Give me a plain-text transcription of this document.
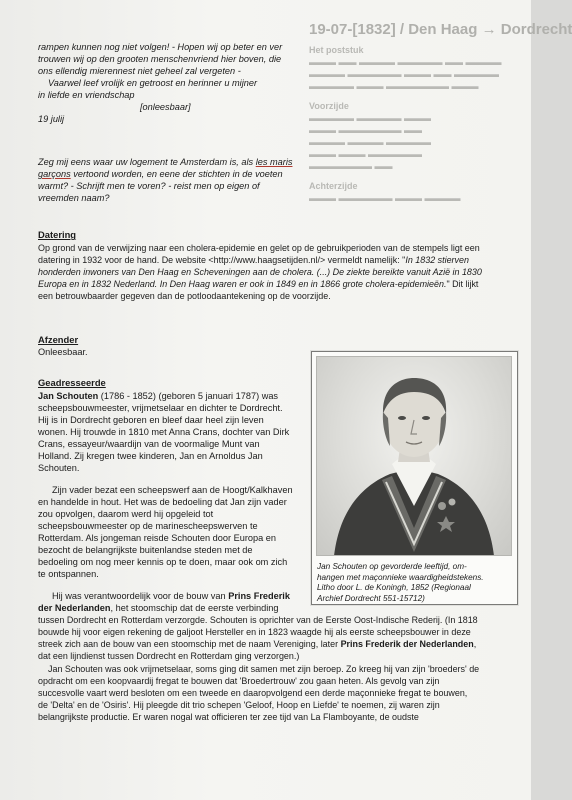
19-07-[1832] / Den Haag → Dordrecht
Het poststuk
▬▬▬ ▬▬ ▬▬▬▬ ▬▬▬▬▬ ▬▬ ▬▬▬▬
▬▬▬▬ ▬▬▬▬▬▬ ▬▬▬ ▬▬ ▬▬▬▬▬
▬▬▬▬▬ ▬▬▬ ▬▬▬▬▬▬▬ ▬▬▬
Voorzijde
▬▬▬▬▬ ▬▬▬▬▬ ▬▬▬
▬▬▬ ▬▬▬▬▬▬▬ ▬▬
▬▬▬▬ ▬▬▬▬ ▬▬▬▬▬
▬▬▬ ▬▬▬ ▬▬▬▬▬▬
▬▬▬▬▬▬▬ ▬▬
Achterzijde
▬▬▬ ▬▬▬▬▬▬ ▬▬▬ ▬▬▬▬
rampen kunnen nog niet volgen! - Hopen wij op beter en ver
trouwen wij op den grooten menschenvriend hier boven, die
ons ellendig mierennest niet geheel zal vergeten -
Vaarwel leef vrolijk en getroost en herinner u mijner
in liefde en vriendschap
[onleesbaar]
19 julij
Zeg mij eens waar uw logement te Amsterdam is, als les maris
garçons vertoond worden, en eene der stichten in de voeten
warmt? - Schrijft men te voren? - reist men op eigen of
vreemden naam?
Datering
Op grond van de verwijzing naar een cholera-epidemie en gelet op de gebruikperioden van de stempels ligt een
datering in 1932 voor de hand. De website <http://www.haagsetijden.nl/> vermeldt namelijk: "In 1832 stierven
honderden inwoners van Den Haag en Scheveningen aan de cholera. (...) De ziekte bereikte vanuit Azië in 1830
Europa en in 1832 Nederland. In Den Haag waren er ook in 1849 en in 1866 grote cholera-epidemieën." Dit lijkt
een betrouwbaarder gegeven dan de potloodaantekening op de voorzijde.
Afzender
Onleesbaar.
Geadresseerde
Jan Schouten (1786 - 1852) (geboren 5 januari 1787) was
scheepsbouwmeester, vrijmetselaar en dichter te Dordrecht.
Hij is in Dordrecht geboren en bleef daar heel zijn leven
wonen. Hij trouwde in 1810 met Anna Crans, dochter van Dirk
Crans, essayeur/waardijn van de voormalige Munt van
Holland. Zij kregen twee kinderen, Jan en Arnoldus Jan
Schouten.
Zijn vader bezat een scheepswerf aan de Hoogt/Kalkhaven
en handelde in hout. Het was de bedoeling dat Jan zijn vader
zou opvolgen, daarom werd hij opgeleid tot
scheepsbouwmeester op de marinescheepswerven te
Rotterdam. Als jongeman reisde Schouten door Europa en
bezocht de belangrijkste buitenlandse steden met de
bedoeling om nog meer kennis op te doen, maar ook om zich
te ontspannen.
Hij was verantwoordelijk voor de bouw van Prins Frederik
der Nederlanden, het stoomschip dat de eerste verbinding
tussen Dordrecht en Rotterdam verzorgde. Schouten is oprichter van de Eerste Oost-Indische Rederij. (In 1818
bouwde hij voor eigen rekening de galjoot Hersteller en in 1823 waagde hij als eerste scheepsbouwer in deze
streek zich aan de bouw van een stoomschip met de naam Vereniging, later Prins Frederik der Nederlanden,
dat een lijndienst tussen Dordrecht en Rotterdam ging verzorgen.)
Jan Schouten was ook vrijmetselaar, soms ging dit samen met zijn beroep. Zo kreeg hij van zijn 'broeders' de
opdracht om een koopvaardij fregat te bouwen dat 'Broedertrouw' zou gaan heten. Als gevolg van zijn
succesvolle vaart werd besloten om een tweede en daaropvolgend een derde maçonnieke fregat te bouwen,
de 'Delta' en de 'Osiris'. Hij pleegde dit trio schepen 'Geloof, Hoop en Liefde' te noemen, zij waren zijn
belangrijkste productie. Er waren nogal wat officieren ter zee tijd van La Flamboyante, de oudste
Jan Schouten op gevorderde leeftijd, om-
hangen met maçonnieke waardigheidstekens.
Litho door L. de Koningh, 1852 (Regionaal
Archief Dordrecht 551-15712)
